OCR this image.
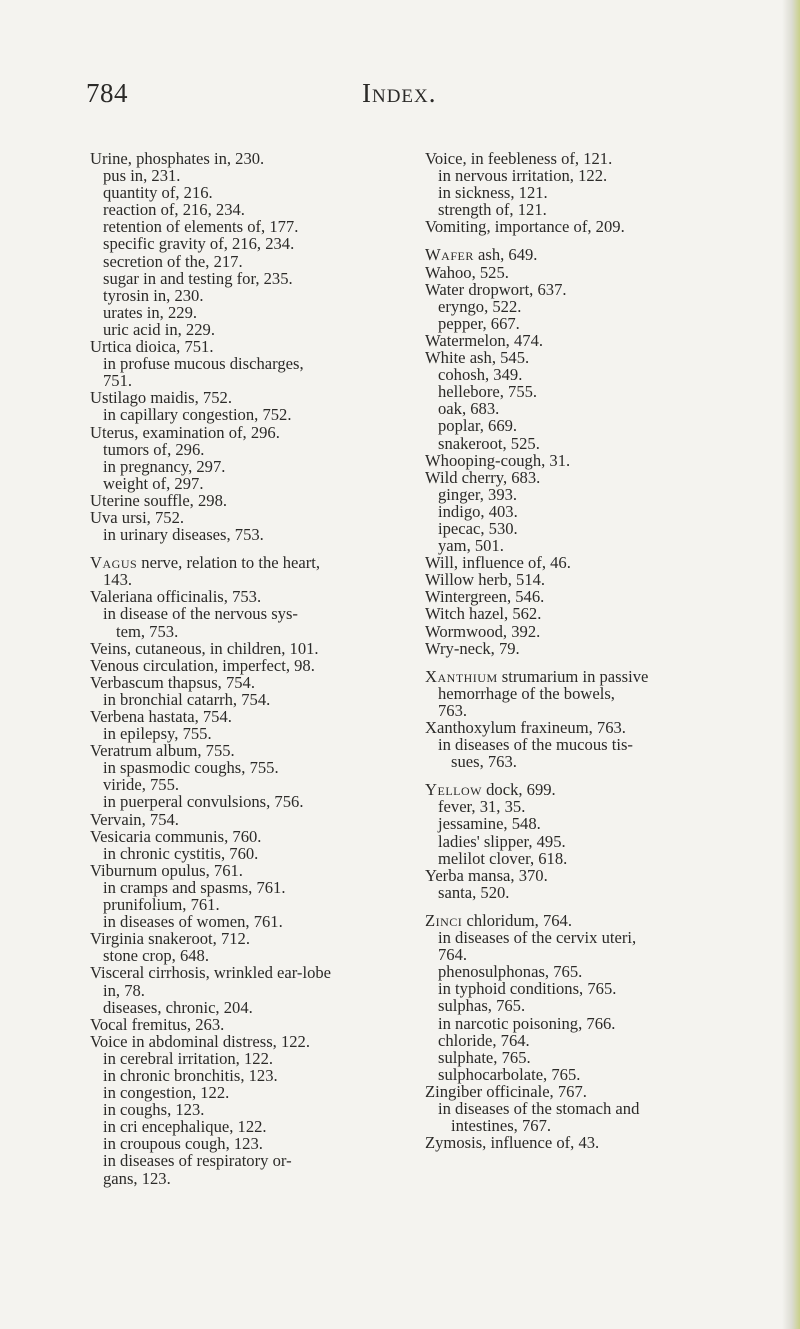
784	Index.
Urine, phosphates in, 230.
pus in, 231.
quantity of, 216.
reaction of, 216, 234.
retention of elements of, 177.
specific gravity of, 216, 234.
secretion of the, 217.
sugar in and testing for, 235.
tyrosin in, 230.
urates in, 229.
uric acid in, 229.
Urtica dioica, 751.
in profuse mucous discharges,
751.
Ustilago maidis, 752.
in capillary congestion, 752.
Uterus, examination of, 296.
tumors of, 296.
in pregnancy, 297.
weight of, 297.
Uterine souffle, 298.
Uva ursi, 752.
in urinary diseases, 753.
Vagus nerve, relation to the heart,
143.
Valeriana officinalis, 753.
in disease of the nervous sys-
tem, 753.
Veins, cutaneous, in children, 101.
Venous circulation, imperfect, 98.
Verbascum thapsus, 754.
in bronchial catarrh, 754.
Verbena hastata, 754.
in epilepsy, 755.
Veratrum album, 755.
in spasmodic coughs, 755.
viride, 755.
in puerperal convulsions, 756.
Vervain, 754.
Vesicaria communis, 760.
in chronic cystitis, 760.
Viburnum opulus, 761.
in cramps and spasms, 761.
prunifolium, 761.
in diseases of women, 761.
Virginia snakeroot, 712.
stone crop, 648.
Visceral cirrhosis, wrinkled ear-lobe
in, 78.
diseases, chronic, 204.
Vocal fremitus, 263.
Voice in abdominal distress, 122.
in cerebral irritation, 122.
in chronic bronchitis, 123.
in congestion, 122.
in coughs, 123.
in cri encephalique, 122.
in croupous cough, 123.
in diseases of respiratory or-
gans, 123.
Voice, in feebleness of, 121.
in nervous irritation, 122.
in sickness, 121.
strength of, 121.
Vomiting, importance of, 209.
Wafer ash, 649.
Wahoo, 525.
Water dropwort, 637.
eryngo, 522.
pepper, 667.
Watermelon, 474.
White ash, 545.
cohosh, 349.
hellebore, 755.
oak, 683.
poplar, 669.
snakeroot, 525.
Whooping-cough, 31.
Wild cherry, 683.
ginger, 393.
indigo, 403.
ipecac, 530.
yam, 501.
Will, influence of, 46.
Willow herb, 514.
Wintergreen, 546.
Witch hazel, 562.
Wormwood, 392.
Wry-neck, 79.
Xanthium strumarium in passive
hemorrhage of the bowels,
763.
Xanthoxylum fraxineum, 763.
in diseases of the mucous tis-
sues, 763.
Yellow dock, 699.
fever, 31, 35.
jessamine, 548.
ladies' slipper, 495.
melilot clover, 618.
Yerba mansa, 370.
santa, 520.
Zinci chloridum, 764.
in diseases of the cervix uteri,
764.
phenosulphonas, 765.
in typhoid conditions, 765.
sulphas, 765.
in narcotic poisoning, 766.
chloride, 764.
sulphate, 765.
sulphocarbolate, 765.
Zingiber officinale, 767.
in diseases of the stomach and
intestines, 767.
Zymosis, influence of, 43.
